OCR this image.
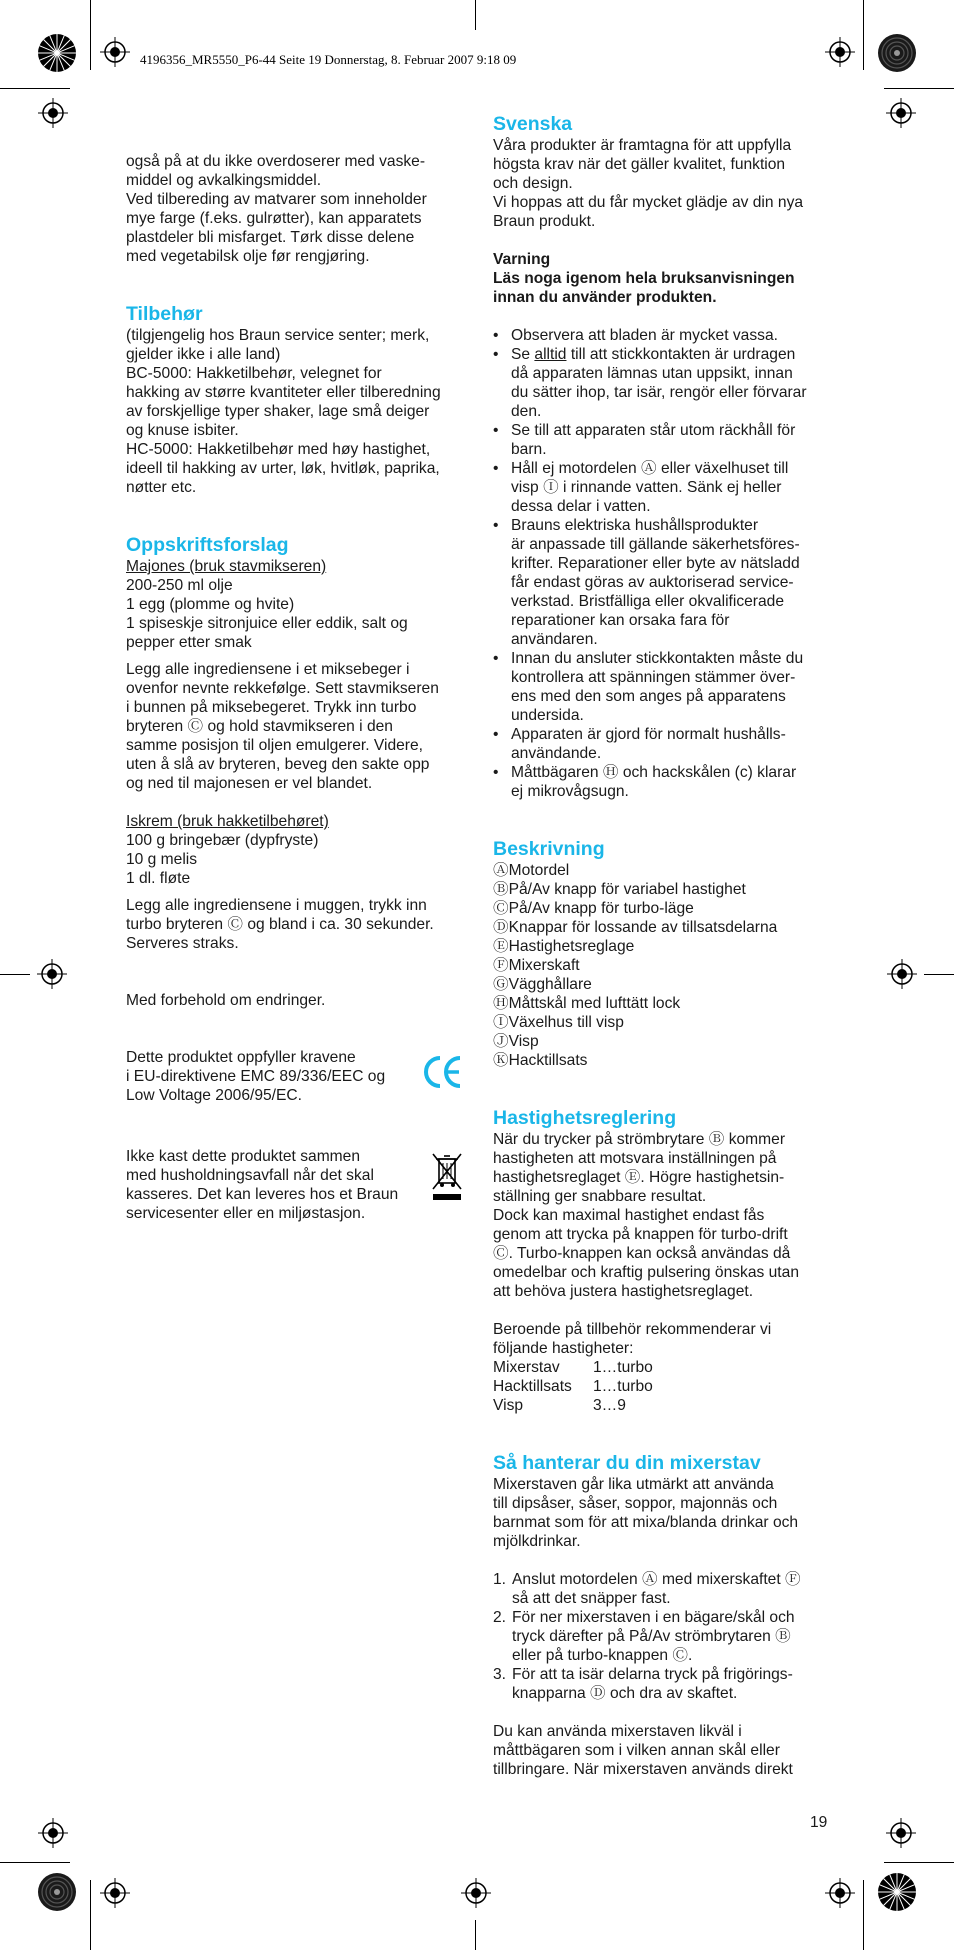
4196356_MR5550_P6-44 Seite 19 Donnerstag, 8. Februar 2007 9:18 09

også på at du ikke overdoserer med vaske-

middel og avkalkingsmiddel.

Ved tilbereding av matvarer som inneholder

mye farge (f.eks. gulrøtter), kan apparatets

plastdeler bli misfarget. Tørk disse delene

med vegetabilsk olje før rengjøring.

Tilbehør

(tilgjengelig hos Braun service senter; merk,

gjelder ikke i alle land)

BC-5000: Hakketilbehør, velegnet for

hakking av større kvantiteter eller tilberedning

av forskjellige typer shaker, lage små deiger

og knuse isbiter.

HC-5000: Hakketilbehør med høy hastighet,

ideell til hakking av urter, løk, hvitløk, paprika,

nøtter etc.

Oppskriftsforslag

Majones (bruk stavmikseren)

200-250 ml olje

1 egg (plomme og hvite)

1 spiseskje sitronjuice eller eddik, salt og

pepper etter smak

Legg alle ingrediensene i et miksebeger i

ovenfor nevnte rekkefølge. Sett stavmikseren

i bunnen på miksebegeret. Trykk inn turbo

bryteren Ⓒ og hold stavmikseren i den

samme posisjon til oljen emulgerer. Videre,

uten å slå av bryteren, beveg den sakte opp

og ned til majonesen er vel blandet.

Iskrem (bruk hakketilbehøret)

100 g bringebær (dypfryste)

10 g melis

1 dl. fløte

Legg alle ingrediensene i muggen, trykk inn

turbo bryteren Ⓒ og bland i ca. 30 sekunder.

Serveres straks.

Med forbehold om endringer.

Dette produktet oppfyller kravene

i EU-direktivene EMC 89/336/EEC og

Low Voltage 2006/95/EC.

CE

Ikke kast dette produktet sammen

med husholdningsavfall når det skal

kasseres. Det kan leveres hos et Braun

servicesenter eller en miljøstasjon.

Svenska

Våra produkter är framtagna för att uppfylla

högsta krav när det gäller kvalitet, funktion

och design.

Vi hoppas att du får mycket glädje av din nya

Braun produkt.

Varning

Läs noga igenom hela bruksanvisningen

innan du använder produkten.

• Observera att bladen är mycket vassa.

• Se alltid till att stickkontakten är urdragen

då apparaten lämnas utan uppsikt, innan

du sätter ihop, tar isär, rengör eller förvarar

den.

• Se till att apparaten står utom räckhåll för

barn.

• Håll ej motordelen Ⓐ eller växelhuset till

visp Ⓘ i rinnande vatten. Sänk ej heller

dessa delar i vatten.

• Brauns elektriska hushållsprodukter

är anpassade till gällande säkerhetsföres-

krifter. Reparationer eller byte av nätsladd

får endast göras av auktoriserad service-

verkstad. Bristfälliga eller okvalificerade

reparationer kan orsaka fara för

användaren.

• Innan du ansluter stickkontakten måste du

kontrollera att spänningen stämmer över-

ens med den som anges på apparatens

undersida.

• Apparaten är gjord för normalt hushålls-

användande.

• Måttbägaren Ⓗ och hackskålen (c) klarar

ej mikrovågsugn.

Beskrivning

ⒶMotordel

ⒷPå/Av knapp för variabel hastighet

ⒸPå/Av knapp för turbo-läge

ⒹKnappar för lossande av tillsatsdelarna

ⒺHastighetsreglage

ⒻMixerskaft

ⒼVägghållare

ⒽMåttskål med lufttätt lock

ⒾVäxelhus till visp

ⒿVisp

ⓀHacktillsats

Hastighetsreglering

När du trycker på strömbrytare Ⓑ kommer

hastigheten att motsvara inställningen på

hastighetsreglaget Ⓔ. Högre hastighetsin-

ställning ger snabbare resultat.

Dock kan maximal hastighet endast fås

genom att trycka på knappen för turbo-drift

Ⓒ. Turbo-knappen kan också användas då

omedelbar och kraftig pulsering önskas utan

att behöva justera hastighetsreglaget.

Beroende på tillbehör rekommenderar vi

följande hastigheter:

Mixerstav	1…turbo
Hacktillsats	1…turbo
Visp	3…9
Så hanterar du din mixerstav

Mixerstaven går lika utmärkt att använda

till dipsåser, såser, soppor, majonnäs och

barnmat som för att mixa/blanda drinkar och

mjölkdrinkar.

1. Anslut motordelen Ⓐ med mixerskaftet Ⓕ

så att det snäpper fast.

2. För ner mixerstaven i en bägare/skål och

tryck därefter på På/Av strömbrytaren Ⓑ

eller på turbo-knappen Ⓒ.

3. För att ta isär delarna tryck på frigörings-

knapparna Ⓓ och dra av skaftet.

Du kan använda mixerstaven likväl i

måttbägaren som i vilken annan skål eller

tillbringare. När mixerstaven används direkt

19
